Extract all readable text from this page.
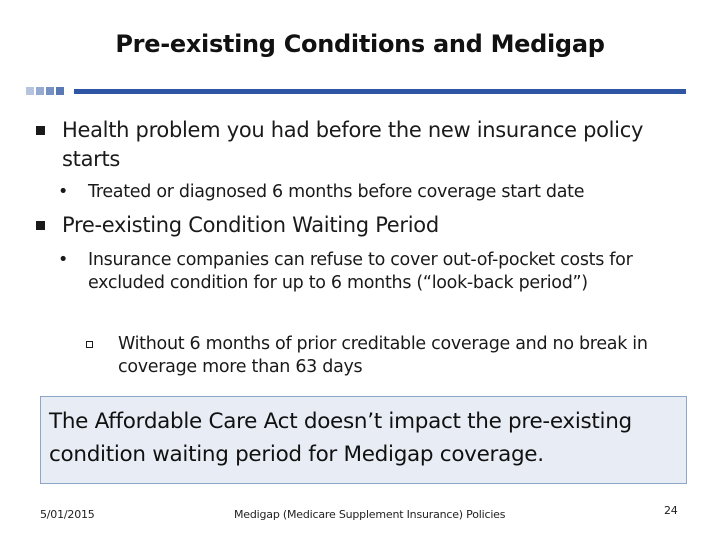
Pre-existing Conditions and Medigap
Health problem you had before the new insurance policy starts
• Treated or diagnosed 6 months before coverage start date
Pre-existing Condition Waiting Period
• Insurance companies can refuse to cover out-of-pocket costs for excluded condition for up to 6 months (“look-back period”)
Without 6 months of prior creditable coverage and no break in coverage more than 63 days
The Affordable Care Act doesn’t impact the pre-existing condition waiting period for Medigap coverage.
5/01/2015	Medigap (Medicare Supplement Insurance) Policies	24
